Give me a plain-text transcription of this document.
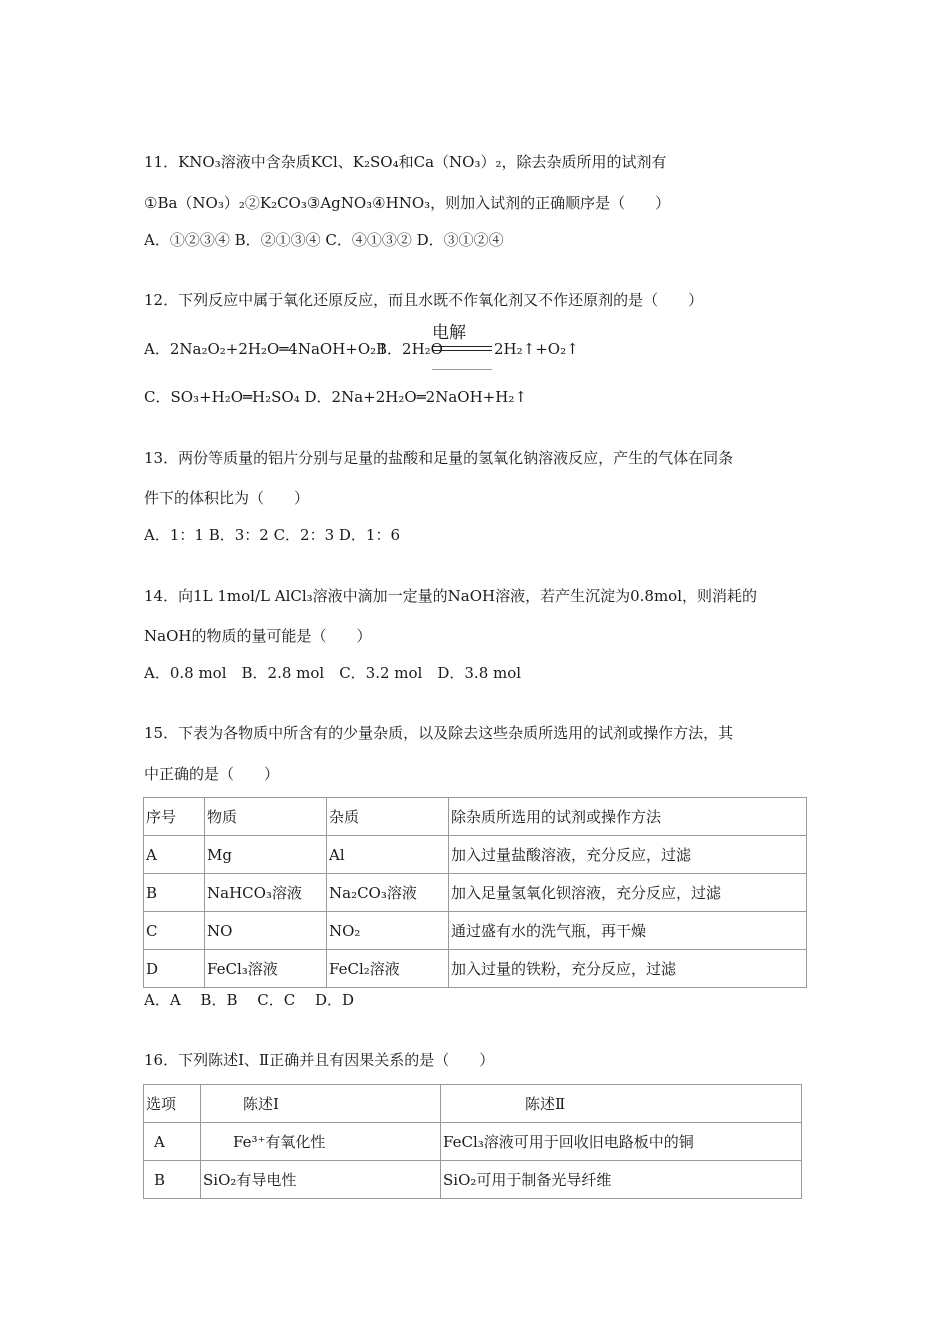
11．KNO₃溶液中含杂质KCl、K₂SO₄和Ca（NO₃）₂，除去杂质所用的试剂有
①Ba（NO₃）₂②K₂CO₃③AgNO₃④HNO₃，则加入试剂的正确顺序是（　　）
A．①②③④ B．②①③④ C．④①③② D．③①②④
12．下列反应中属于氧化还原反应，而且水既不作氧化剂又不作还原剂的是（　　）
A．2Na₂O₂+2H₂O═4NaOH+O₂↑
B．2H₂O
电解
2H₂↑+O₂↑
C．SO₃+H₂O═H₂SO₄ D．2Na+2H₂O═2NaOH+H₂↑
13．两份等质量的铝片分别与足量的盐酸和足量的氢氧化钠溶液反应，产生的气体在同条
件下的体积比为（　　）
A．1：1 B．3：2 C．2：3 D．1：6
14．向1L 1mol/L AlCl₃溶液中滴加一定量的NaOH溶液，若产生沉淀为0.8mol，则消耗的
NaOH的物质的量可能是（　　）
A．0.8 mol　B．2.8 mol　C．3.2 mol　D．3.8 mol
15．下表为各物质中所含有的少量杂质，以及除去这些杂质所选用的试剂或操作方法，其
中正确的是（　　）
序号	物质	杂质	除杂质所选用的试剂或操作方法
A	Mg	Al	加入过量盐酸溶液，充分反应，过滤
B	NaHCO₃溶液	Na₂CO₃溶液	加入足量氢氧化钡溶液，充分反应，过滤
C	NO	NO₂	通过盛有水的洗气瓶，再干燥
D	FeCl₃溶液	FeCl₂溶液	加入过量的铁粉，充分反应，过滤
A．A　 B．B　 C．C　 D．D
16．下列陈述Ⅰ、Ⅱ正确并且有因果关系的是（　　）
选项	陈述Ⅰ	陈述Ⅱ
A	Fe³⁺有氧化性	FeCl₃溶液可用于回收旧电路板中的铜
B	SiO₂有导电性	SiO₂可用于制备光导纤维
